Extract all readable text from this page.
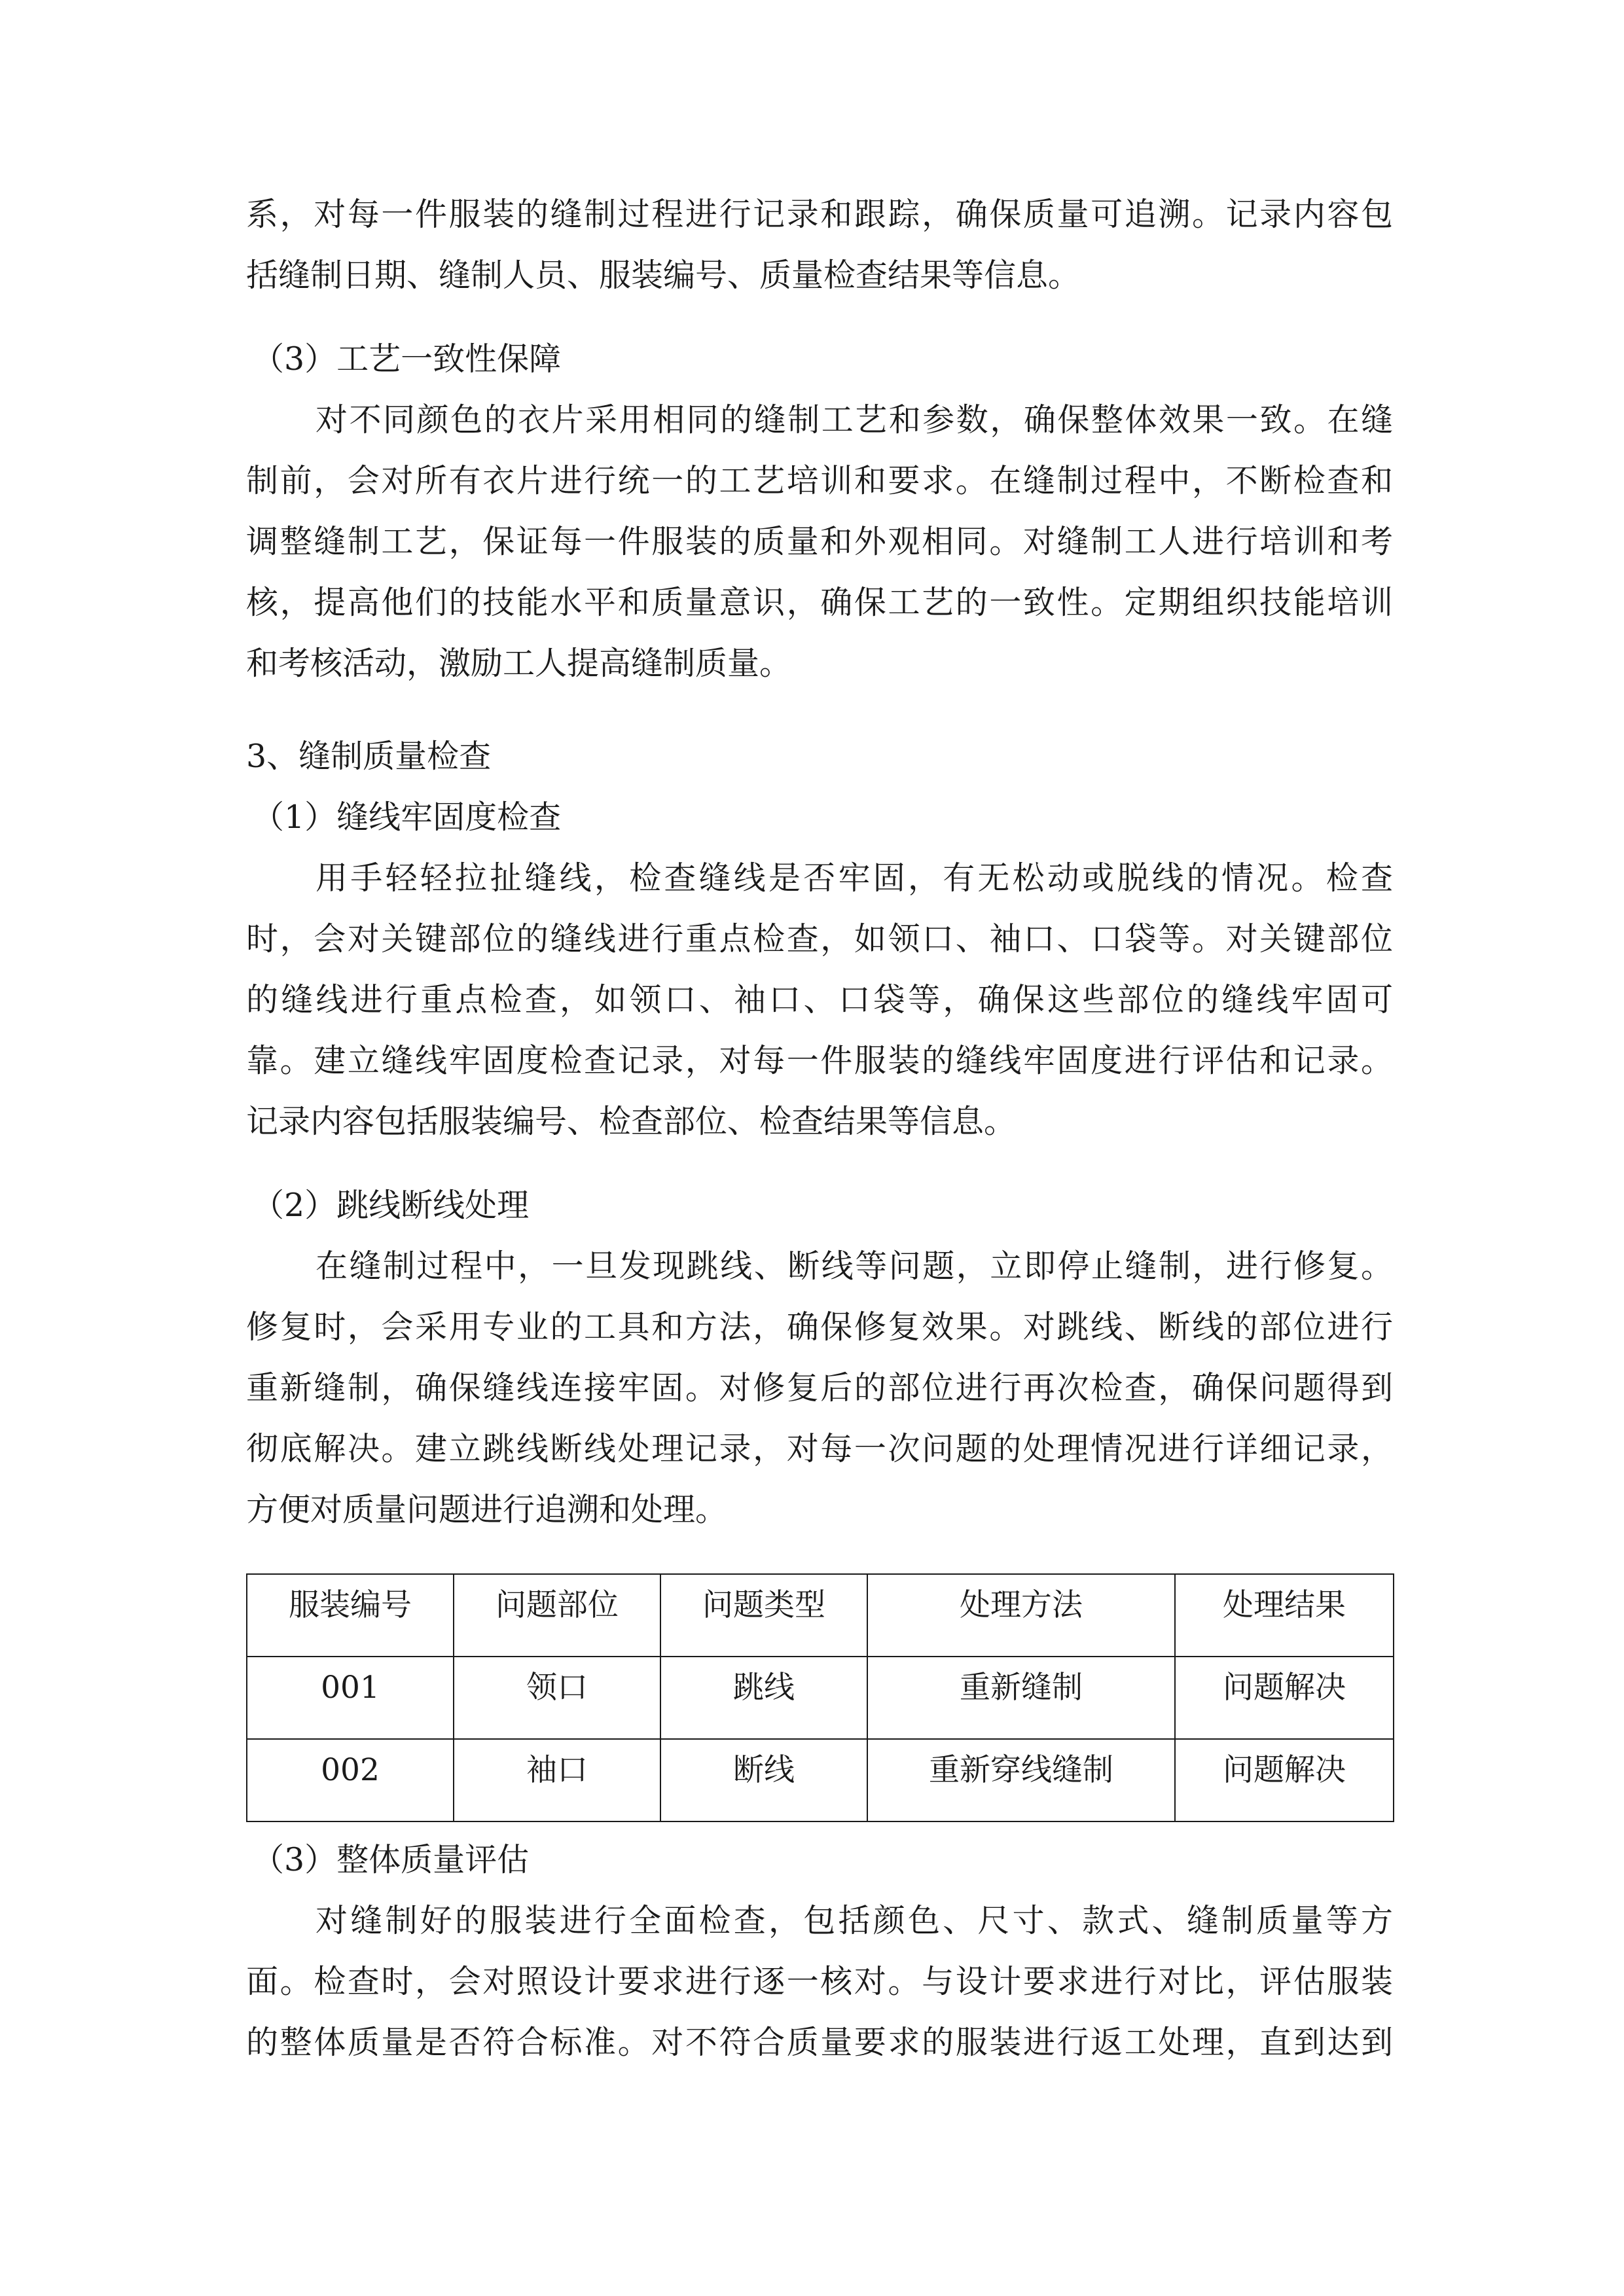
系，对每一件服装的缝制过程进行记录和跟踪，确保质量可追溯。记录内容包
括缝制日期、缝制人员、服装编号、质量检查结果等信息。
（3）工艺一致性保障
对不同颜色的衣片采用相同的缝制工艺和参数，确保整体效果一致。在缝
制前，会对所有衣片进行统一的工艺培训和要求。在缝制过程中，不断检查和
调整缝制工艺，保证每一件服装的质量和外观相同。对缝制工人进行培训和考
核，提高他们的技能水平和质量意识，确保工艺的一致性。定期组织技能培训
和考核活动，激励工人提高缝制质量。
3、缝制质量检查
（1）缝线牢固度检查
用手轻轻拉扯缝线，检查缝线是否牢固，有无松动或脱线的情况。检查
时，会对关键部位的缝线进行重点检查，如领口、袖口、口袋等。对关键部位
的缝线进行重点检查，如领口、袖口、口袋等，确保这些部位的缝线牢固可
靠。建立缝线牢固度检查记录，对每一件服装的缝线牢固度进行评估和记录。
记录内容包括服装编号、检查部位、检查结果等信息。
（2）跳线断线处理
在缝制过程中，一旦发现跳线、断线等问题，立即停止缝制，进行修复。
修复时，会采用专业的工具和方法，确保修复效果。对跳线、断线的部位进行
重新缝制，确保缝线连接牢固。对修复后的部位进行再次检查，确保问题得到
彻底解决。建立跳线断线处理记录，对每一次问题的处理情况进行详细记录，
方便对质量问题进行追溯和处理。
服装编号	问题部位	问题类型	处理方法	处理结果
001	领口	跳线	重新缝制	问题解决
002	袖口	断线	重新穿线缝制	问题解决
（3）整体质量评估
对缝制好的服装进行全面检查，包括颜色、尺寸、款式、缝制质量等方
面。检查时，会对照设计要求进行逐一核对。与设计要求进行对比，评估服装
的整体质量是否符合标准。对不符合质量要求的服装进行返工处理，直到达到
